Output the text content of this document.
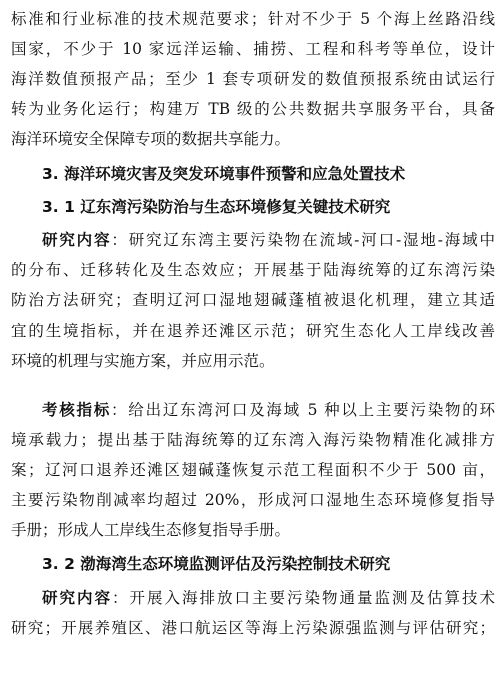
标准和行业标准的技术规范要求；针对不少于 5 个海上丝路沿线
国家，不少于 10 家远洋运输、捕捞、工程和科考等单位，设计
海洋数值预报产品；至少 1 套专项研发的数值预报系统由试运行
转为业务化运行；构建万 TB 级的公共数据共享服务平台，具备
海洋环境安全保障专项的数据共享能力。
3. 海洋环境灾害及突发环境事件预警和应急处置技术
3. 1 辽东湾污染防治与生态环境修复关键技术研究
研究内容：研究辽东湾主要污染物在流域-河口-湿地-海域中
的分布、迁移转化及生态效应；开展基于陆海统筹的辽东湾污染
防治方法研究；查明辽河口湿地翅碱蓬植被退化机理，建立其适
宜的生境指标，并在退养还滩区示范；研究生态化人工岸线改善
环境的机理与实施方案，并应用示范。
考核指标：给出辽东湾河口及海域 5 种以上主要污染物的环
境承载力；提出基于陆海统筹的辽东湾入海污染物精准化减排方
案；辽河口退养还滩区翅碱蓬恢复示范工程面积不少于 500 亩，
主要污染物削减率均超过 20%，形成河口湿地生态环境修复指导
手册；形成人工岸线生态修复指导手册。
3. 2 渤海湾生态环境监测评估及污染控制技术研究
研究内容：开展入海排放口主要污染物通量监测及估算技术
研究；开展养殖区、港口航运区等海上污染源强监测与评估研究；
